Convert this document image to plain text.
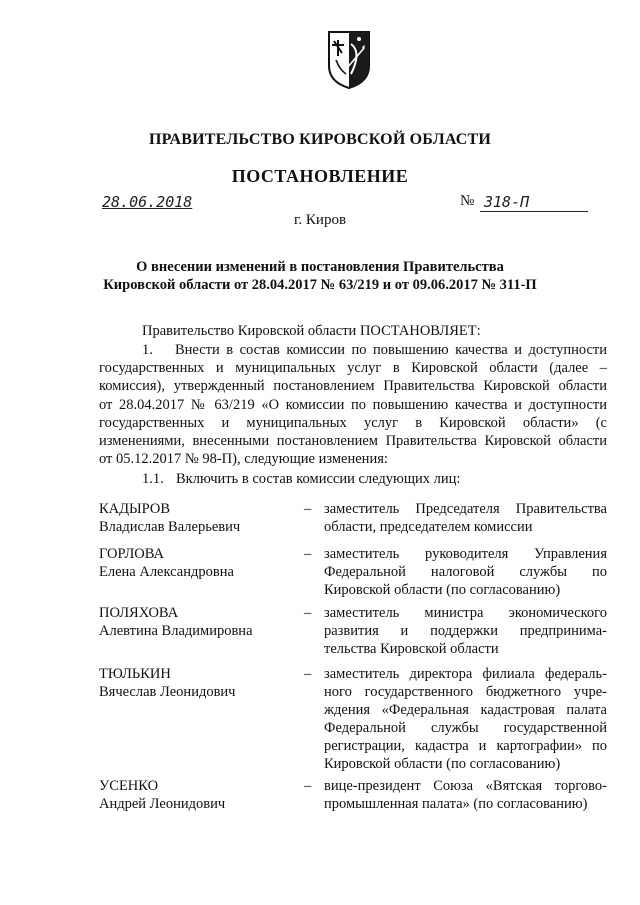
ПРАВИТЕЛЬСТВО КИРОВСКОЙ ОБЛАСТИ
ПОСТАНОВЛЕНИЕ
28.06.2018	№ 318-П
г. Киров
О внесении изменений в постановления Правительства
Кировской области от 28.04.2017 № 63/219 и от 09.06.2017 № 311-П
Правительство Кировской области ПОСТАНОВЛЯЕТ:
1.	Внести в состав комиссии по повышению качества и доступности
государственных и муниципальных услуг в Кировской области (далее –
комиссия), утвержденный постановлением Правительства Кировской области
от 28.04.2017 № 63/219 «О комиссии по повышению качества и доступности
государственных и муниципальных услуг в Кировской области» (с
изменениями, внесенными постановлением Правительства Кировской области
от 05.12.2017 № 98-П), следующие изменения:
1.1. Включить в состав комиссии следующих лиц:
КАДЫРОВ
Владислав Валерьевич
– заместитель Председателя Правительства
области, председателем комиссии
ГОРЛОВА
Елена Александровна
– заместитель руководителя Управления
Федеральной налоговой службы по
Кировской области (по согласованию)
ПОЛЯХОВА
Алевтина Владимировна
– заместитель министра экономического
развития и поддержки предпринима-
тельства Кировской области
ТЮЛЬКИН
Вячеслав Леонидович
– заместитель директора филиала федераль-
ного государственного бюджетного учре-
ждения «Федеральная кадастровая палата
Федеральной службы государственной
регистрации, кадастра и картографии» по
Кировской области (по согласованию)
УСЕНКО
Андрей Леонидович
– вице-президент Союза «Вятская торгово-
промышленная палата» (по согласованию)
